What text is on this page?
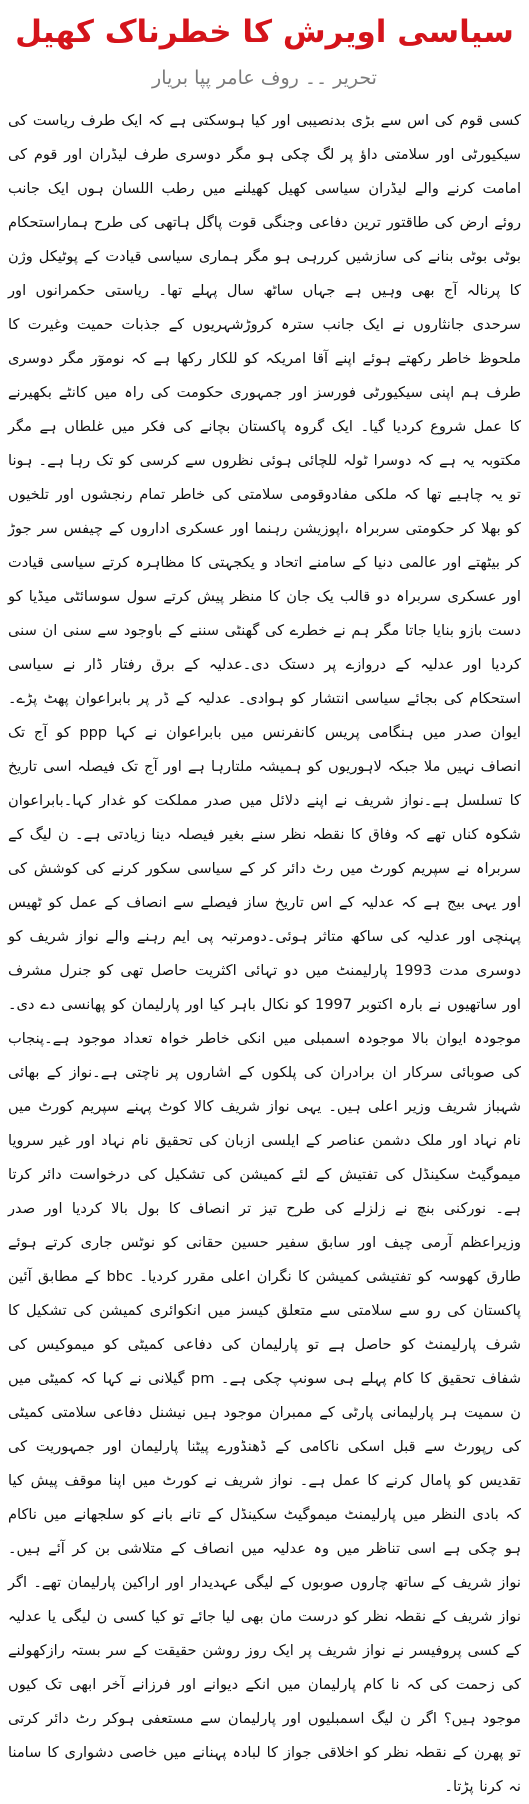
سیاسی اویرش کا خطرناک کھیل
تحریر ۔۔ روف عامر پپا بریار

کسی قوم کی اس سے بڑی بدنصیبی اور کیا ہوسکتی ہے کہ ایک طرف ریاست کی سیکیورٹی اور سلامتی داؤ پر لگ چکی ہو مگر دوسری طرف لیڈران اور قوم کی امامت کرنے والے لیڈران سیاسی کھیل کھیلنے میں رطب اللسان ہوں ایک جانب روئے ارض کی طاقتور ترین دفاعی وجنگی قوت پاگل ہاتھی کی طرح ہماراستحکام بوٹی بوٹی بنانے کی سازشیں کررہی ہو مگر ہماری سیاسی قیادت کے پوٹیکل وژن کا پرنالہ آج بھی وہیں ہے جہاں ساٹھ سال پہلے تھا۔ ریاستی حکمرانوں اور سرحدی جانثاروں نے ایک جانب سترہ کروڑشہریوں کے جذبات حمیت وغیرت کا ملحوظ خاطر رکھتے ہوئے اپنے آقا امریکہ کو للکار رکھا ہے کہ نوموٓر مگر دوسری طرف ہم اپنی سیکیورٹی فورسز اور جمہوری حکومت کی راہ میں کانٹے بکھیرنے کا عمل شروع کردیا گیا۔ ایک گروہ پاکستان بچانے کی فکر میں غلطاں ہے مگر مکتوبہ یہ ہے کہ دوسرا ٹولہ للچائی ہوئی نظروں سے کرسی کو تک رہا ہے۔ ہونا تو یہ چاہیے تھا کہ ملکی مفادوقومی سلامتی کی خاطر تمام رنجشوں اور تلخیوں کو بھلا کر حکومتی سربراہ ،اپوزیشن رہنما اور عسکری اداروں کے چیفس سر جوڑ کر بیٹھتے اور عالمی دنیا کے سامنے اتحاد و یکجہتی کا مظاہرہ کرتے سیاسی قیادت اور عسکری سربراہ دو قالب یک جان کا منظر پیش کرتے سول سوسائٹی میڈیا کو دست بازو بنایا جاتا مگر ہم نے خطرے کی گھنٹی سننے کے باوجود سے سنی ان سنی کردیا اور عدلیہ کے دروازے پر دستک دی۔عدلیہ کے برق رفتار ڈار نے سیاسی استحکام کی بجائے سیاسی انتشار کو ہوادی۔ عدلیہ کے ڈر پر بابراعوان پھٹ پڑے۔ایوان صدر میں ہنگامی پریس کانفرنس میں بابراعوان نے کہا ppp کو آج تک انصاف نہیں ملا جبکہ لاہوریوں کو ہمیشہ ملتارہا ہے اور آج تک فیصلہ اسی تاریخ کا تسلسل ہے۔نواز شریف نے اپنے دلائل میں صدر مملکت کو غدار کہا۔بابراعوان شکوہ کناں تھے کہ وفاق کا نقطہ نظر سنے بغیر فیصلہ دینا زیادتی ہے۔ ن لیگ کے سربراہ نے سپریم کورٹ میں رٹ دائر کر کے سیاسی سکور کرنے کی کوشش کی اور یہی بیج ہے کہ عدلیہ کے اس تاریخ ساز فیصلے سے انصاف کے عمل کو ٹھیس پہنچی اور عدلیہ کی ساکھ متاثر ہوئی۔دومرتبہ پی ایم رہنے والے نواز شریف کو دوسری مدت 1993 پارلیمنٹ میں دو تہائی اکثریت حاصل تھی کو جنرل مشرف اور ساتھیوں نے بارہ اکتوبر 1997 کو نکال باہر کیا اور پارلیمان کو پھانسی دے دی۔ موجودہ ایوان بالا موجودہ اسمبلی میں انکی خاطر خواہ تعداد موجود ہے۔پنجاب کی صوبائی سرکار ان برادران کی پلکوں کے اشاروں پر ناچتی ہے۔نواز کے بھائی شہباز شریف وزیر اعلی ہیں۔ یہی نواز شریف کالا کوٹ پہنے سپریم کورٹ میں نام نہاد اور ملک دشمن عناصر کے ایلسی ازبان کی تحقیق نام نہاد اور غیر سرویا میموگیٹ سکینڈل کی تفتیش کے لئے کمیشن کی تشکیل کی درخواست دائر کرتا ہے۔ نورکنی بنچ نے زلزلے کی طرح تیز تر انصاف کا بول بالا کردیا اور صدر وزیراعظم آرمی چیف اور سابق سفیر حسین حقانی کو نوٹس جاری کرتے ہوئے طارق کھوسہ کو تفتیشی کمیشن کا نگران اعلی مقرر کردیا۔ bbc کے مطابق آئین پاکستان کی رو سے سلامتی سے متعلق کیسز میں انکوائری کمیشن کی تشکیل کا شرف پارلیمنٹ کو حاصل ہے تو پارلیمان کی دفاعی کمیٹی کو میموکیس کی شفاف تحقیق کا کام پہلے ہی سونپ چکی ہے۔ pm گیلانی نے کہا کہ کمیٹی میں ن سمیت ہر پارلیمانی پارٹی کے ممبران موجود ہیں نیشنل دفاعی سلامتی کمیٹی کی رپورٹ سے قبل اسکی ناکامی کے ڈھنڈورے پیٹنا پارلیمان اور جمہوریت کی تقدیس کو پامال کرنے کا عمل ہے۔ نواز شریف نے کورٹ میں اپنا موقف پیش کیا کہ بادی النظر میں پارلیمنٹ میموگیٹ سکینڈل کے تانے بانے کو سلجھانے میں ناکام ہو چکی ہے اسی تناظر میں وہ عدلیہ میں انصاف کے متلاشی بن کر آئے ہیں۔ نواز شریف کے ساتھ چاروں صوبوں کے لیگی عہدیدار اور اراکین پارلیمان تھے۔ اگر نواز شریف کے نقطہ نظر کو درست مان بھی لیا جائے تو کیا کسی ن لیگی یا عدلیہ کے کسی پروفیسر نے نواز شریف پر ایک روز روشن حقیقت کے سر بستہ رازکھولنے کی زحمت کی کہ نا کام پارلیمان میں انکے دیوانے اور فرزانے آخر ابھی تک کیوں موجود ہیں؟ اگر ن لیگ اسمبلیوں اور پارلیمان سے مستعفی ہوکر رٹ دائر کرتی تو پھرن کے نقطہ نظر کو اخلاقی جواز کا لبادہ پہنانے میں خاصی دشواری کا سامنا نہ کرنا پڑتا۔
